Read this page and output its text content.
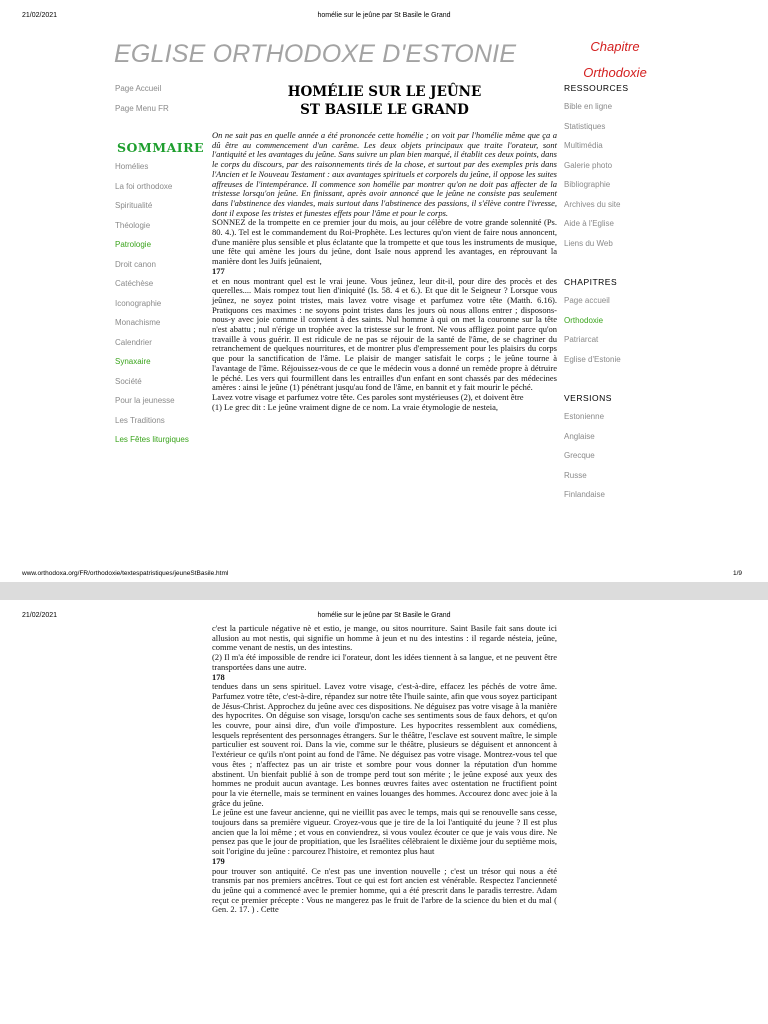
21/02/2021	homélie sur le jeûne par St Basile le Grand
EGLISE ORTHODOXE D'ESTONIE	Chapitre
Orthodoxie
Page Accueil
Page Menu FR
SOMMAIRE
Homélies
La foi orthodoxe
Spiritualité
Théologie
Patrologie
Droit canon
Catéchèse
Iconographie
Monachisme
Calendrier
Synaxaire
Société
Pour la jeunesse
Les Traditions
Les Fêtes liturgiques
HOMÉLIE SUR LE JEÛNE
ST BASILE LE GRAND

On ne sait pas en quelle année a été prononcée cette homélie ; on voit par l'homélie même que ça a dû être au commencement d'un carême. Les deux objets principaux que traite l'orateur, sont l'antiquité et les avantages du jeûne. Sans suivre un plan bien marqué, il établit ces deux points, dans le corps du discours, par des raisonnements tirés de la chose, et surtout par des exemples pris dans l'Ancien et le Nouveau Testament : aux avantages spirituels et corporels du jeûne, il oppose les suites affreuses de l'intempérance. Il commence son homélie par montrer qu'on ne doit pas affecter de la tristesse lorsqu'on jeûne. En finissant, après avoir annoncé que le jeûne ne consiste pas seulement dans l'abstinence des viandes, mais surtout dans l'abstinence des passions, il s'élève contre l'ivresse, dont il expose les tristes et funestes effets pour l'âme et pour le corps.

SONNEZ de la trompette en ce premier jour du mois, au jour célèbre de votre grande solennité (Ps. 80. 4.). Tel est le commandement du Roi-Prophète. Les lectures qu'on vient de faire nous annoncent, d'une manière plus sensible et plus éclatante que la trompette et que tous les instruments de musique, une fête qui amène les jours du jeûne, dont Isaïe nous apprend les avantages, en réprouvant la manière dont les Juifs jeûnaient,

177

et en nous montrant quel est le vrai jeune. Vous jeûnez, leur dit-il, pour dire des procès et des querelles.... Mais rompez tout lien d'iniquité (Is. 58. 4 et 6.). Et que dit le Seigneur ? Lorsque vous jeûnez, ne soyez point tristes, mais lavez votre visage et parfumez votre tête (Matth. 6.16). Pratiquons ces maximes : ne soyons point tristes dans les jours où nous allons entrer ; disposons-nous-y avec joie comme il convient à des saints. Nul homme à qui on met la couronne sur la tête n'est abattu ; nul n'érige un trophée avec la tristesse sur le front. Ne vous affligez point parce qu'on travaille à vous guérir. Il est ridicule de ne pas se réjouir de la santé de l'âme, de se chagriner du retranchement de quelques nourritures, et de montrer plus d'empressement pour les plaisirs du corps que pour la sanctification de l'âme. Le plaisir de manger satisfait le corps ; le jeûne tourne à l'avantage de l'âme. Réjouissez-vous de ce que le médecin vous a donné un remède propre à détruire le péché. Les vers qui fourmillent dans les entrailles d'un enfant en sont chassés par des médecines amères : ainsi le jeûne (1) pénétrant jusqu'au fond de l'âme, en bannit et y fait mourir le péché.

Lavez votre visage et parfumez votre tête. Ces paroles sont mystérieuses (2), et doivent être

(1) Le grec dit : Le jeûne vraiment digne de ce nom. La vraie étymologie de nesteia,

RESSOURCES
Bible en ligne
Statistiques
Multimédia
Galerie photo
Bibliographie
Archives du site
Aide à l'Eglise
Liens du Web
CHAPITRES
Page accueil
Orthodoxie
Patriarcat
Eglise d'Estonie
VERSIONS
Estonienne
Anglaise
Grecque
Russe
Finlandaise
www.orthodoxa.org/FR/orthodoxie/textespatristiques/jeuneStBasile.html	1/9
21/02/2021	homélie sur le jeûne par St Basile le Grand

c'est la particule négative nè et estio, je mange, ou sitos nourriture. Saint Basile fait sans doute ici allusion au mot nestis, qui signifie un homme à jeun et nu des intestins : il regarde nésteia, jeûne, comme venant de nestis, un des intestins.

(2) Il m'a été impossible de rendre ici l'orateur, dont les idées tiennent à sa langue, et ne peuvent être transportées dans une autre.

178

tendues dans un sens spirituel. Lavez votre visage, c'est-à-dire, effacez les péchés de votre âme. Parfumez votre tête, c'est-à-dire, répandez sur notre tête l'huile sainte, afin que vous soyez participant de Jésus-Christ. Approchez du jeûne avec ces dispositions. Ne déguisez pas votre visage à la manière des hypocrites. On déguise son visage, lorsqu'on cache ses sentiments sous de faux dehors, et qu'on les couvre, pour ainsi dire, d'un voile d'imposture. Les hypocrites ressemblent aux comédiens, lesquels représentent des personnages étrangers. Sur le théâtre, l'esclave est souvent maître, le simple particulier est souvent roi. Dans la vie, comme sur le théâtre, plusieurs se déguisent et annoncent à l'extérieur ce qu'ils n'ont point au fond de l'âme. Ne déguisez pas votre visage. Montrez-vous tel que vous êtes ; n'affectez pas un air triste et sombre pour vous donner la réputation d'un homme abstinent. Un bienfait publié à son de trompe perd tout son mérite ; le jeûne exposé aux yeux des hommes ne produit aucun avantage. Les bonnes œuvres faites avec ostentation ne fructifient point pour la vie éternelle, mais se terminent en vaines louanges des hommes. Accourez donc avec joie à la grâce du jeûne.

Le jeûne est une faveur ancienne, qui ne vieillit pas avec le temps, mais qui se renouvelle sans cesse, toujours dans sa première vigueur. Croyez-vous que je tire de la loi l'antiquité du jeune ? Il est plus ancien que la loi même ; et vous en conviendrez, si vous voulez écouter ce que je vais vous dire. Ne pensez pas que le jour de propitiation, que les Israélites célèbraient le dixième jour du septième mois, soit l'origine du jeûne : parcourez l'histoire, et remontez plus haut

179

pour trouver son antiquité. Ce n'est pas une invention nouvelle ; c'est un trésor qui nous a été transmis par nos premiers ancêtres. Tout ce qui est fort ancien est vénérable. Respectez l'ancienneté du jeûne qui a commencé avec le premier homme, qui a été prescrit dans le paradis terrestre. Adam reçut ce premier précepte : Vous ne mangerez pas le fruit de l'arbre de la science du bien et du mal ( Gen. 2. 17. ) . Cette
